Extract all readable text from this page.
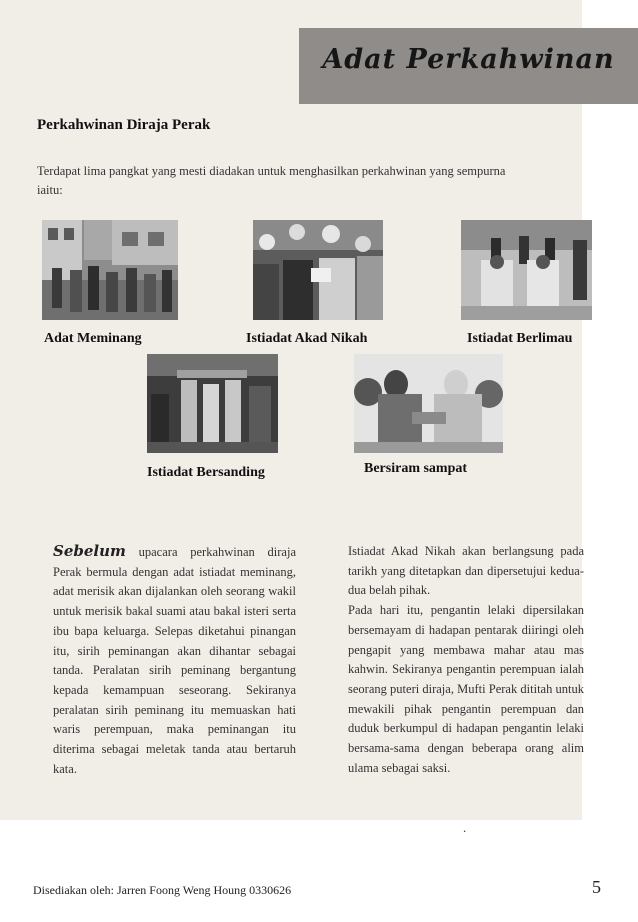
Adat Perkahwinan
Perkahwinan Diraja Perak
Terdapat lima pangkat yang mesti diadakan untuk menghasilkan perkahwinan yang sempurna iaitu:
Adat Meminang	Istiadat Akad Nikah	Istiadat Berlimau
Istiadat Bersanding	Bersiram sampat

Sebelum upacara perkahwinan diraja Perak bermula dengan adat istiadat meminang, adat merisik akan dijalankan oleh seorang wakil untuk merisik bakal suami atau bakal isteri serta ibu bapa keluarga. Selepas diketahui pinangan itu, sirih peminangan akan dihantar sebagai tanda. Peralatan sirih peminang bergantung kepada kemampuan seseorang. Sekiranya peralatan sirih peminang itu memuaskan hati waris perempuan, maka peminangan itu diterima sebagai meletak tanda atau bertaruh kata.

Istiadat Akad Nikah akan berlangsung pada tarikh yang ditetapkan dan dipersetujui kedua-dua belah pihak.

Pada hari itu, pengantin lelaki dipersilakan bersemayam di hadapan pentarak diiringi oleh pengapit yang membawa mahar atau mas kahwin. Sekiranya pengantin perempuan ialah seorang puteri diraja, Mufti Perak dititah untuk mewakili pihak pengantin perempuan dan duduk berkumpul di hadapan pengantin lelaki bersama-sama dengan beberapa orang alim ulama sebagai saksi.

.
Disediakan oleh: Jarren Foong Weng Houng 0330626	5
